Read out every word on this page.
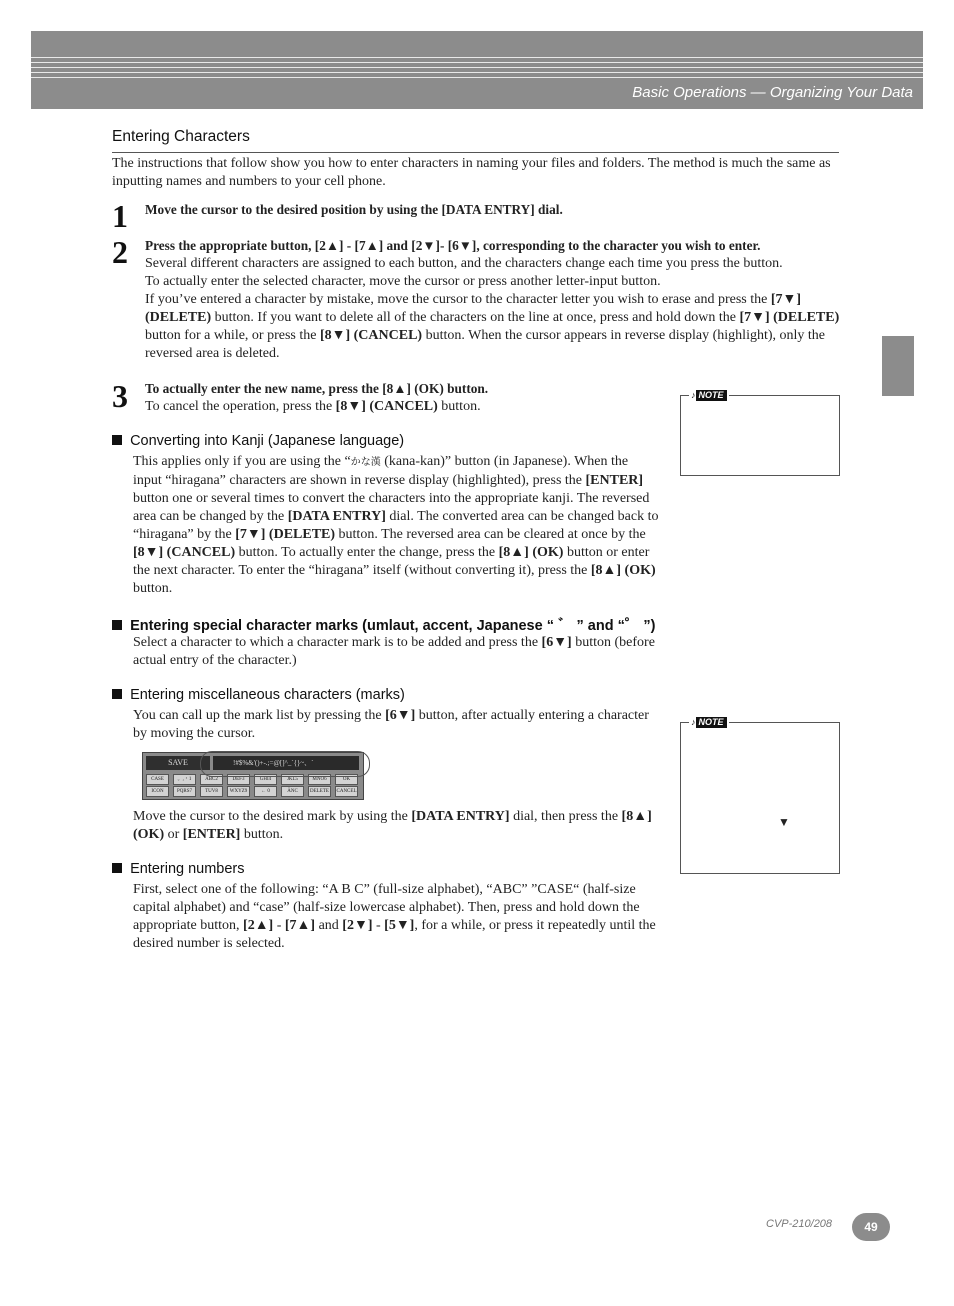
Basic Operations — Organizing Your Data
Entering Characters

The instructions that follow show you how to enter characters in naming your files and folders. The method is much the same as inputting names and numbers to your cell phone.

1 Move the cursor to the desired position by using the [DATA ENTRY] dial.
2 Press the appropriate button, [2▲] - [7▲] and [2▼]- [6▼], corresponding to the character you wish to enter.

Several different characters are assigned to each button, and the characters change each time you press the button.

To actually enter the selected character, move the cursor or press another letter-input button.

If you’ve entered a character by mistake, move the cursor to the character letter you wish to erase and press the [7▼] (DELETE) button. If you want to delete all of the characters on the line at once, press and hold down the [7▼] (DELETE) button for a while, or press the [8▼] (CANCEL) button. When the cursor appears in reverse display (highlight), only the reversed area is deleted.

3 To actually enter the new name, press the [8▲] (OK) button.

To cancel the operation, press the [8▼] (CANCEL) button.

♪ NOTE
Converting into Kanji (Japanese language)

This applies only if you are using the “かな漢 (kana-kan)” button (in Japanese). When the input “hiragana” characters are shown in reverse display (highlighted), press the [ENTER] button one or several times to convert the characters into the appropriate kanji. The reversed area can be changed by the [DATA ENTRY] dial. The converted area can be changed back to “hiragana” by the [7▼] (DELETE) button. The reversed area can be cleared at once by the [8▼] (CANCEL) button. To actually enter the change, press the [8▲] (OK) button or enter the next character. To enter the “hiragana” itself (without converting it), press the [8▲] (OK) button.

Entering special character marks (umlaut, accent, Japanese “ ゛ ” and “゜ ”)

Select a character to which a character mark is to be added and press the [6▼] button (before actual entry of the character.)

Entering miscellaneous characters (marks)

You can call up the mark list by pressing the [6▼] button, after actually entering a character by moving the cursor.

♪ NOTE
▼
SAVE	!#$%&'()+-.;=@[]^_`{}~、´
CASE	。,・1	ABC2	DEF3	GHI4	JKL5	MNO6	OK
ICON	PQRS7	TUV8	WXYZ9	← 0	ÄNC	DELETE	CANCEL

Move the cursor to the desired mark by using the [DATA ENTRY] dial, then press the [8▲] (OK) or [ENTER] button.

Entering numbers

First, select one of the following: “A B C” (full-size alphabet), “ABC” ”CASE“ (half-size capital alphabet) and “case” (half-size lowercase alphabet). Then, press and hold down the appropriate button, [2▲] - [7▲] and [2▼] - [5▼], for a while, or press it repeatedly until the desired number is selected.

CVP-210/208	49
